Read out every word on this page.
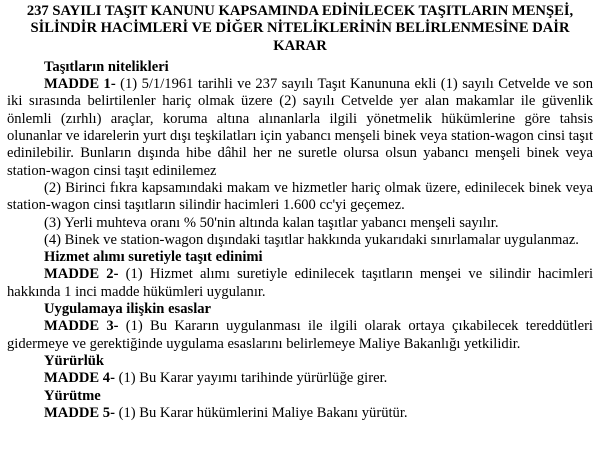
237 SAYILI TAŞIT KANUNU KAPSAMINDA EDİNİLECEK TAŞITLARIN MENŞEİ,
SİLİNDİR HACİMLERİ VE DİĞER NİTELİKLERİNİN BELİRLENMESİNE DAİR
KARAR

Taşıtların nitelikleri

MADDE 1- (1) 5/1/1961 tarihli ve 237 sayılı Taşıt Kanununa ekli (1) sayılı Cetvelde ve son iki sırasında belirtilenler hariç olmak üzere (2) sayılı Cetvelde yer alan makamlar ile güvenlik önlemli (zırhlı) araçlar, koruma altına alınanlarla ilgili yönetmelik hükümlerine göre tahsis olunanlar ve idarelerin yurt dışı teşkilatları için yabancı menşeli binek veya station-wagon cinsi taşıt edinilebilir. Bunların dışında hibe dâhil her ne suretle olursa olsun yabancı menşeli binek veya station-wagon cinsi taşıt edinilemez

(2) Birinci fıkra kapsamındaki makam ve hizmetler hariç olmak üzere, edinilecek binek veya station-wagon cinsi taşıtların silindir hacimleri 1.600 cc'yi geçemez.

(3) Yerli muhteva oranı % 50'nin altında kalan taşıtlar yabancı menşeli sayılır.

(4) Binek ve station-wagon dışındaki taşıtlar hakkında yukarıdaki sınırlamalar uygulanmaz.

Hizmet alımı suretiyle taşıt edinimi

MADDE 2- (1) Hizmet alımı suretiyle edinilecek taşıtların menşei ve silindir hacimleri hakkında 1 inci madde hükümleri uygulanır.

Uygulamaya ilişkin esaslar

MADDE 3- (1) Bu Kararın uygulanması ile ilgili olarak ortaya çıkabilecek tereddütleri gidermeye ve gerektiğinde uygulama esaslarını belirlemeye Maliye Bakanlığı yetkilidir.

Yürürlük

MADDE 4- (1) Bu Karar yayımı tarihinde yürürlüğe girer.

Yürütme

MADDE 5- (1) Bu Karar hükümlerini Maliye Bakanı yürütür.
